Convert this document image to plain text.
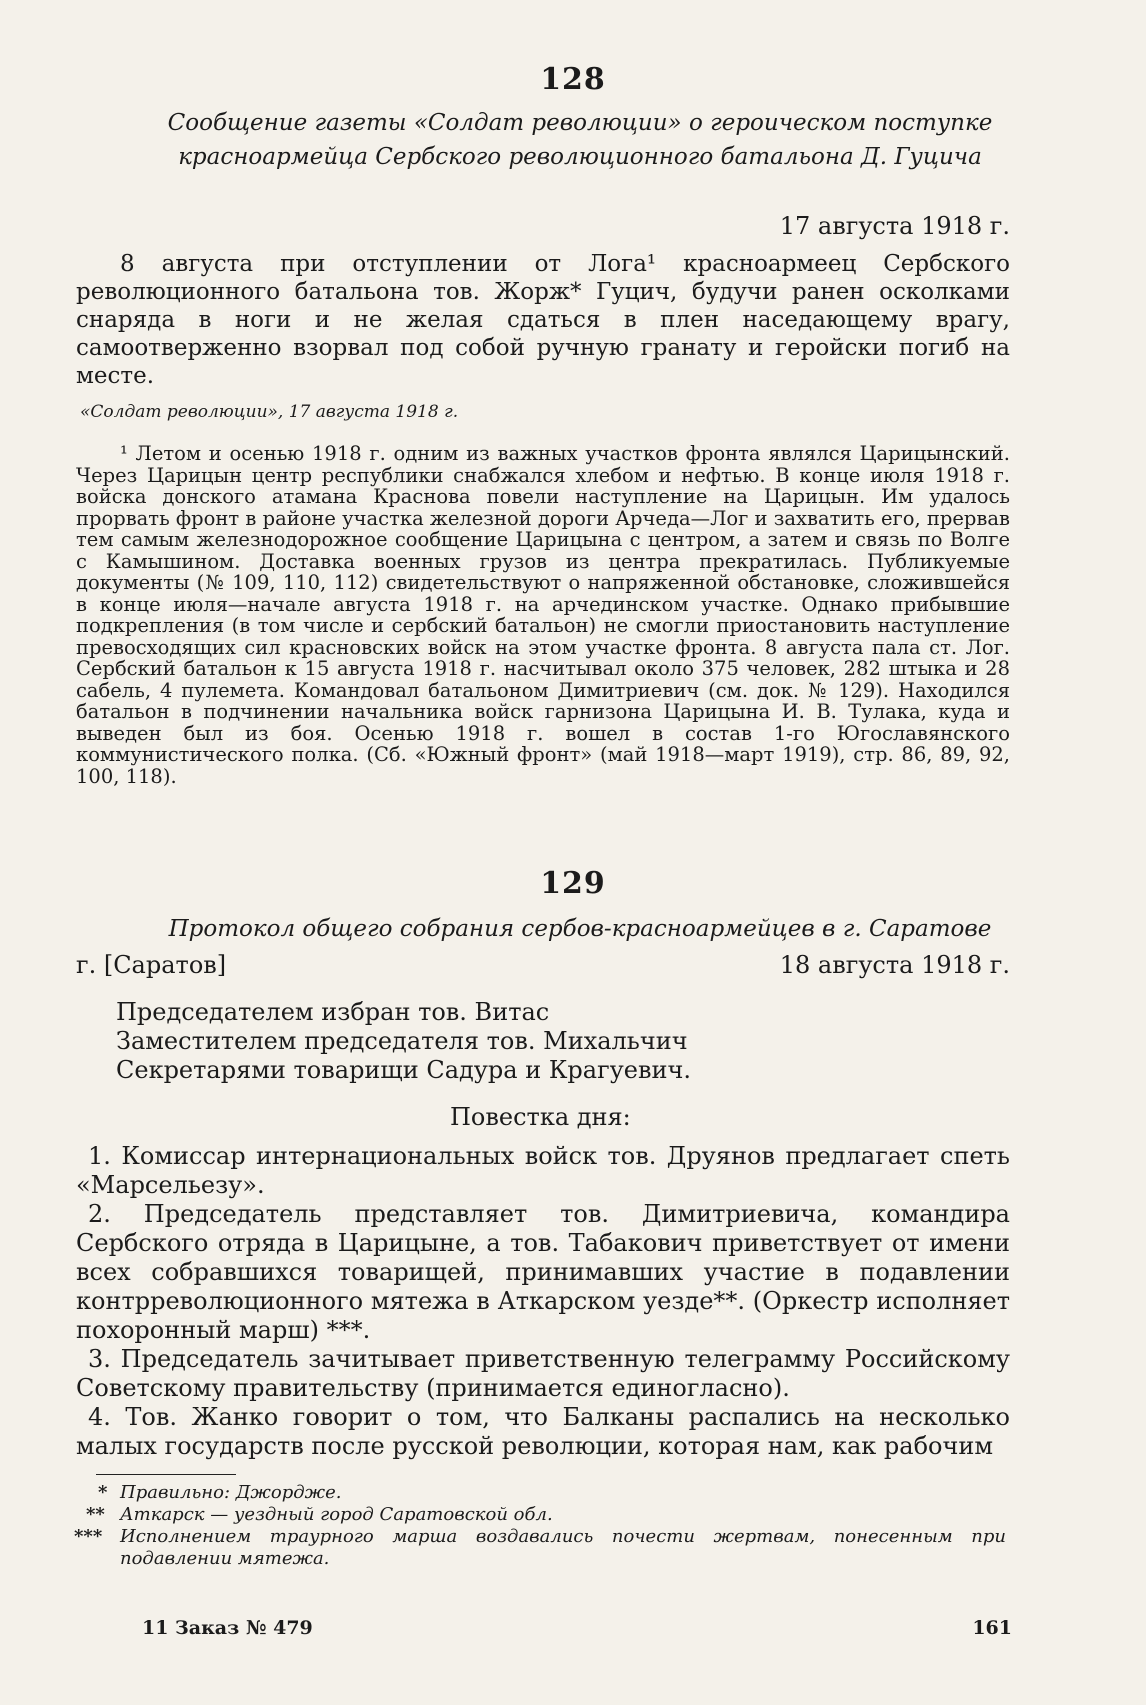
128
Сообщение газеты «Солдат революции» о героическом поступке красноармейца Сербского революционного батальона Д. Гуцича
17 августа 1918 г.

8 августа при отступлении от Лога¹ красноармеец Сербского революционного батальона тов. Жорж* Гуцич, будучи ранен осколками снаряда в ноги и не желая сдаться в плен наседающему врагу, самоотверженно взорвал под собой ручную гранату и геройски погиб на месте.

«Солдат революции», 17 августа 1918 г.

¹ Летом и осенью 1918 г. одним из важных участков фронта являлся Царицынский. Через Царицын центр республики снабжался хлебом и нефтью. В конце июля 1918 г. войска донского атамана Краснова повели наступление на Царицын. Им удалось прорвать фронт в районе участка железной дороги Арчеда—Лог и захватить его, прервав тем самым железнодорожное сообщение Царицына с центром, а затем и связь по Волге с Камышином. Доставка военных грузов из центра прекратилась. Публикуемые документы (№ 109, 110, 112) свидетельствуют о напряженной обстановке, сложившейся в конце июля—начале августа 1918 г. на арчединском участке. Однако прибывшие подкрепления (в том числе и сербский батальон) не смогли приостановить наступление превосходящих сил красновских войск на этом участке фронта. 8 августа пала ст. Лог. Сербский батальон к 15 августа 1918 г. насчитывал около 375 человек, 282 штыка и 28 сабель, 4 пулемета. Командовал батальоном Димитриевич (см. док. № 129). Находился батальон в подчинении начальника войск гарнизона Царицына И. В. Тулака, куда и выведен был из боя. Осенью 1918 г. вошел в состав 1-го Югославянского коммунистического полка. (Сб. «Южный фронт» (май 1918—март 1919), стр. 86, 89, 92, 100, 118).

129
Протокол общего собрания сербов-красноармейцев в г. Саратове
г. [Саратов]	18 августа 1918 г.
Председателем избран тов. Витас
Заместителем председателя тов. Михальчич
Секретарями товарищи Садура и Крагуевич.
Повестка дня:

1. Комиссар интернациональных войск тов. Друянов предлагает спеть «Марсельезу».

2. Председатель представляет тов. Димитриевича, командира Сербского отряда в Царицыне, а тов. Табакович приветствует от имени всех собравшихся товарищей, принимавших участие в подавлении контрреволюционного мятежа в Аткарском уезде**. (Оркестр исполняет похоронный марш) ***.

3. Председатель зачитывает приветственную телеграмму Российскому Советскому правительству (принимается единогласно).

4. Тов. Жанко говорит о том, что Балканы распались на несколько малых государств после русской революции, которая нам, как рабочим

* Правильно: Джордже.
** Аткарск — уездный город Саратовской обл.
*** Исполнением траурного марша воздавались почести жертвам, понесенным при подавлении мятежа.
11 Заказ № 479	161
